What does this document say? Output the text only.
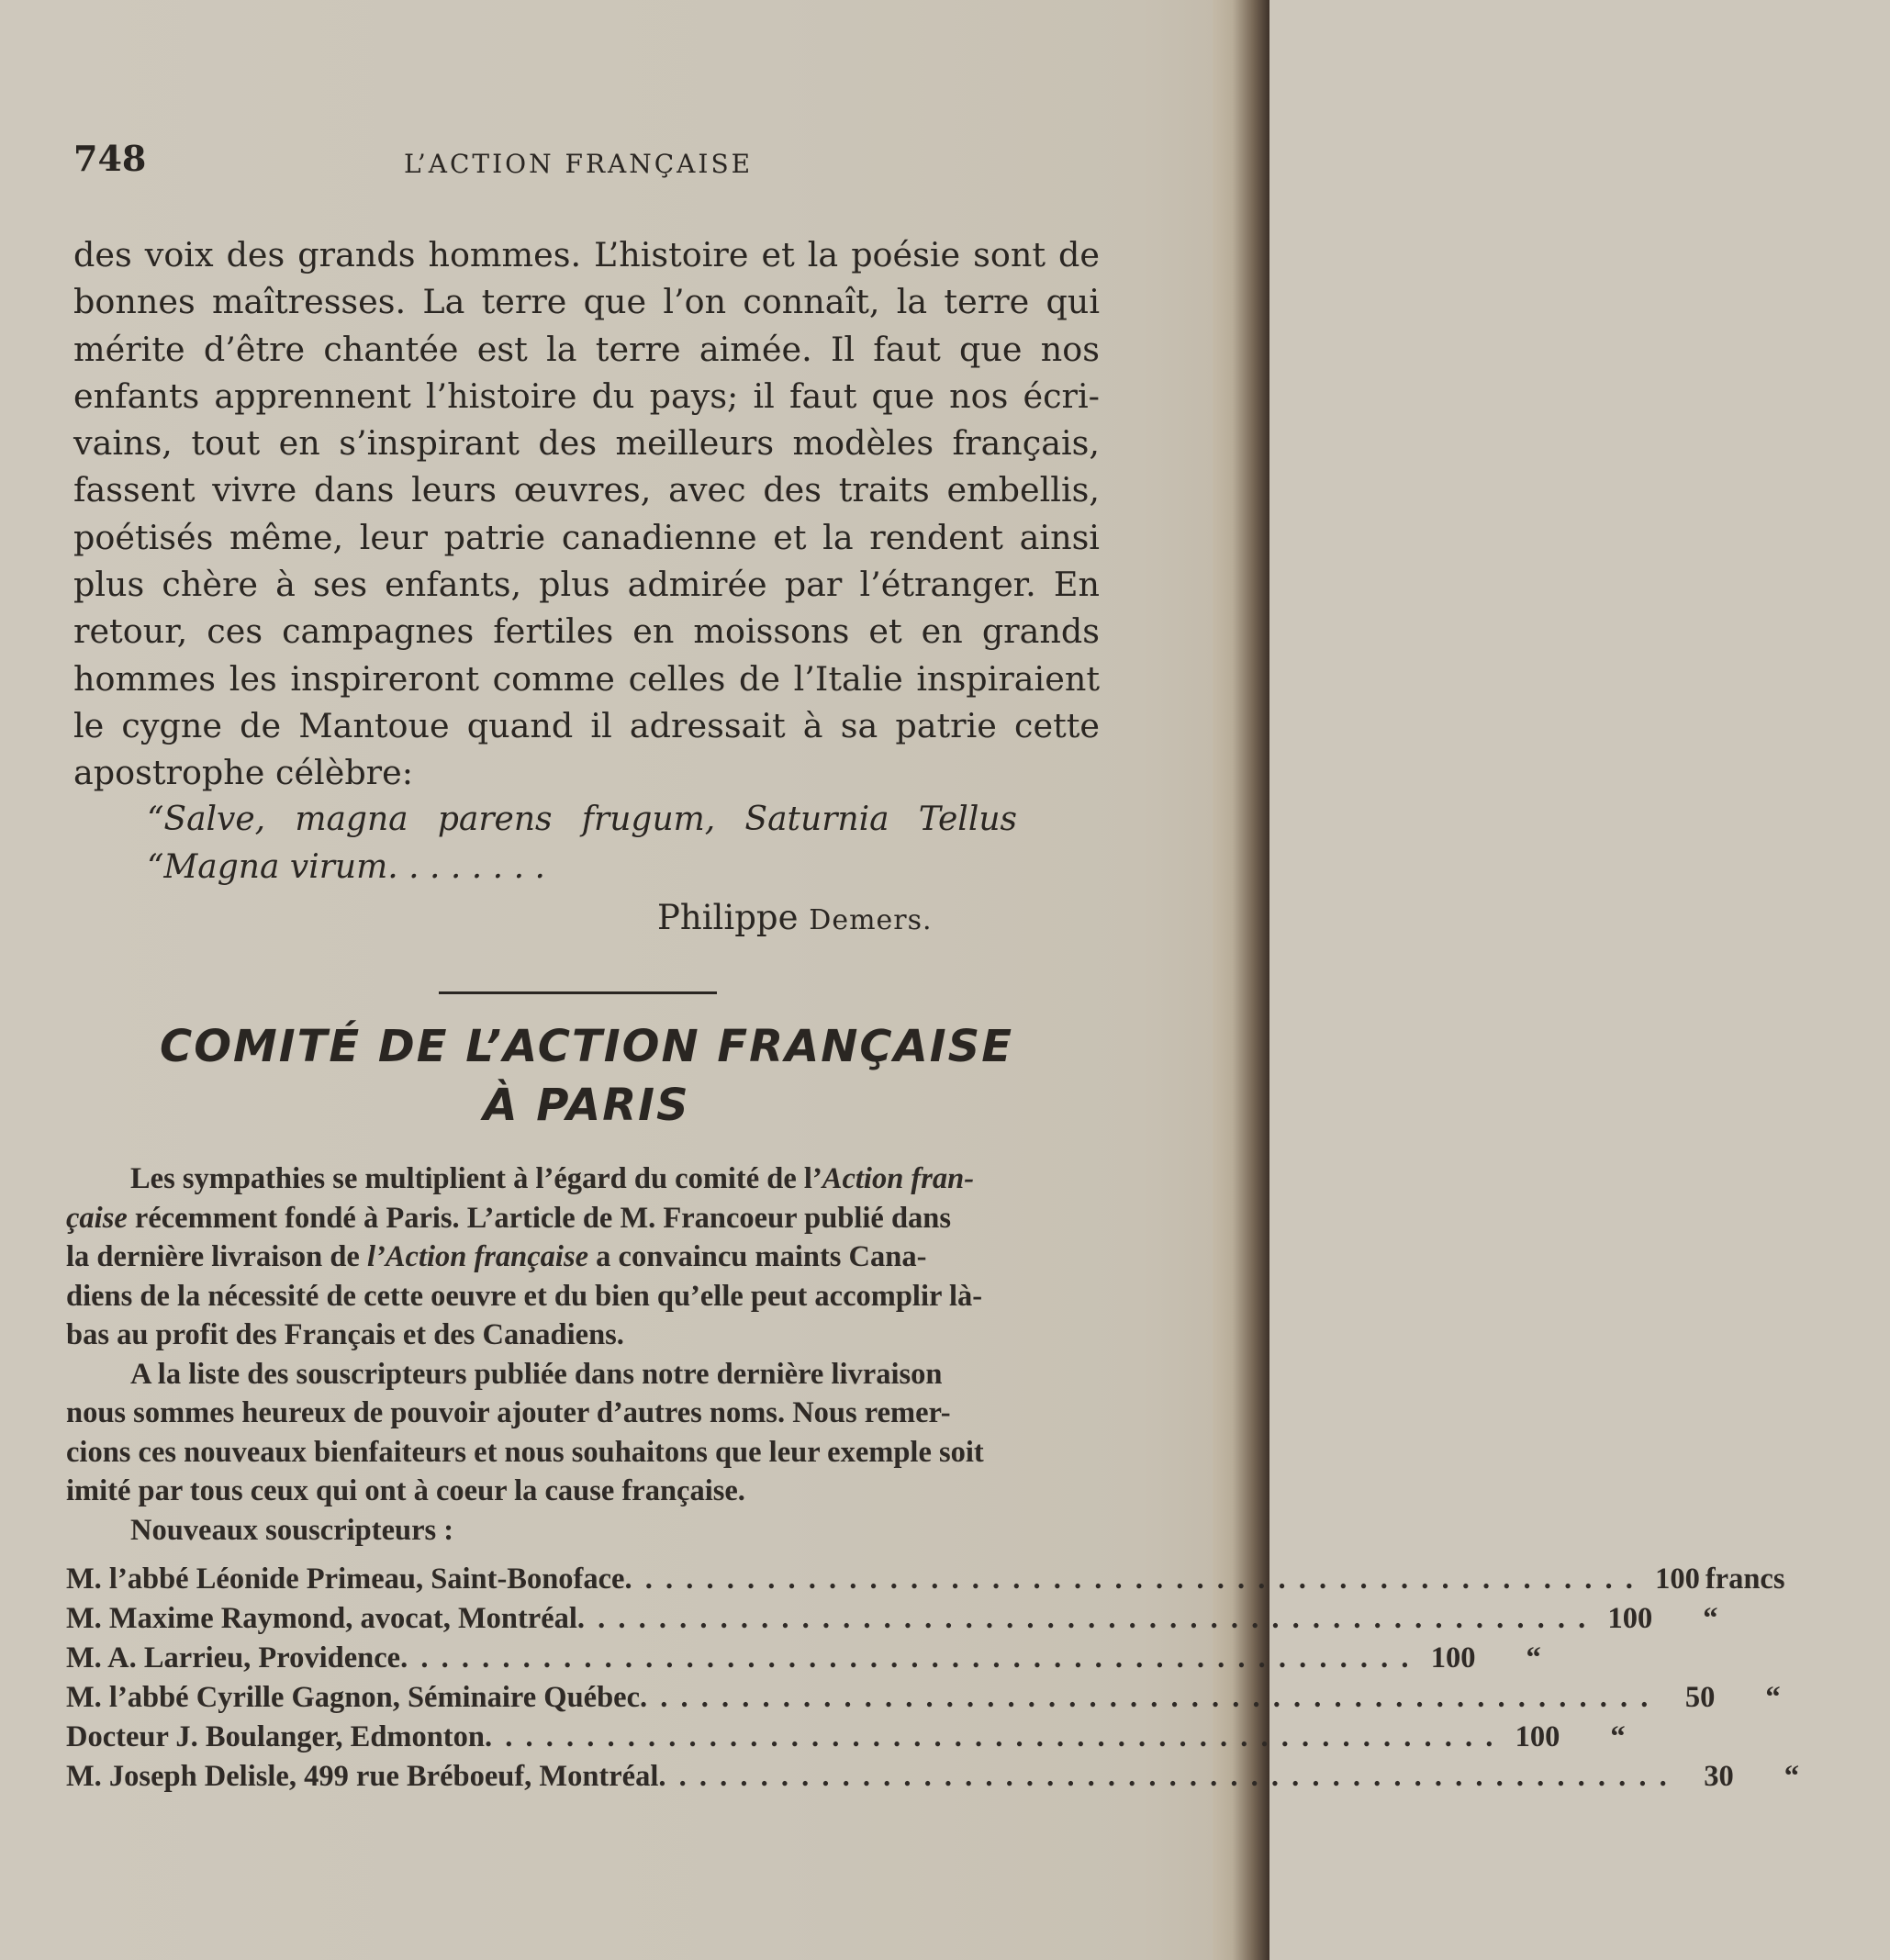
748	L’ACTION FRANÇAISE
des voix des grands hommes. L’histoire et la poésie sont de
bonnes maîtresses. La terre que l’on connaît, la terre qui
mérite d’être chantée est la terre aimée. Il faut que nos
enfants apprennent l’histoire du pays; il faut que nos écri-
vains, tout en s’inspirant des meilleurs modèles français,
fassent vivre dans leurs œuvres, avec des traits embellis,
poétisés même, leur patrie canadienne et la rendent ainsi
plus chère à ses enfants, plus admirée par l’étranger. En
retour, ces campagnes fertiles en moissons et en grands
hommes les inspireront comme celles de l’Italie inspiraient
le cygne de Mantoue quand il adressait à sa patrie cette
apostrophe célèbre:
“Salve, magna parens frugum, Saturnia Tellus
“Magna virum. . . . . . . .
Philippe Demers.
COMITÉ DE L’ACTION FRANÇAISE
À PARIS
Les sympathies se multiplient à l’égard du comité de l’Action fran-
çaise récemment fondé à Paris. L’article de M. Francoeur publié dans
la dernière livraison de l’Action française a convaincu maints Cana-
diens de la nécessité de cette oeuvre et du bien qu’elle peut accomplir là-
bas au profit des Français et des Canadiens.
A la liste des souscripteurs publiée dans notre dernière livraison
nous sommes heureux de pouvoir ajouter d’autres noms. Nous remer-
cions ces nouveaux bienfaiteurs et nous souhaitons que leur exemple soit
imité par tous ceux qui ont à coeur la cause française.
Nouveaux souscripteurs :
M. l’abbé Léonide Primeau, Saint-Bonoface . . . . . . . . . . . . . . . . . . . . . . . . . . . . . . . . . . . . . . . . . . . . . . . . . . 100 francs
M. Maxime Raymond, avocat, Montréal . . . . . . . . . . . . . . . . . . . . . . . . . . . . . . . . . . . . . . . . . . . . . . . . . . 100	“
M. A. Larrieu, Providence . . . . . . . . . . . . . . . . . . . . . . . . . . . . . . . . . . . . . . . . . . . . . . . . . . 100	“
M. l’abbé Cyrille Gagnon, Séminaire Québec . . . . . . . . . . . . . . . . . . . . . . . . . . . . . . . . . . . . . . . . . . . . . . . . . .	50	“
Docteur J. Boulanger, Edmonton . . . . . . . . . . . . . . . . . . . . . . . . . . . . . . . . . . . . . . . . . . . . . . . . . . 100	“
M. Joseph Delisle, 499 rue Bréboeuf, Montréal . . . . . . . . . . . . . . . . . . . . . . . . . . . . . . . . . . . . . . . . . . . . . . . . . .	30	“
